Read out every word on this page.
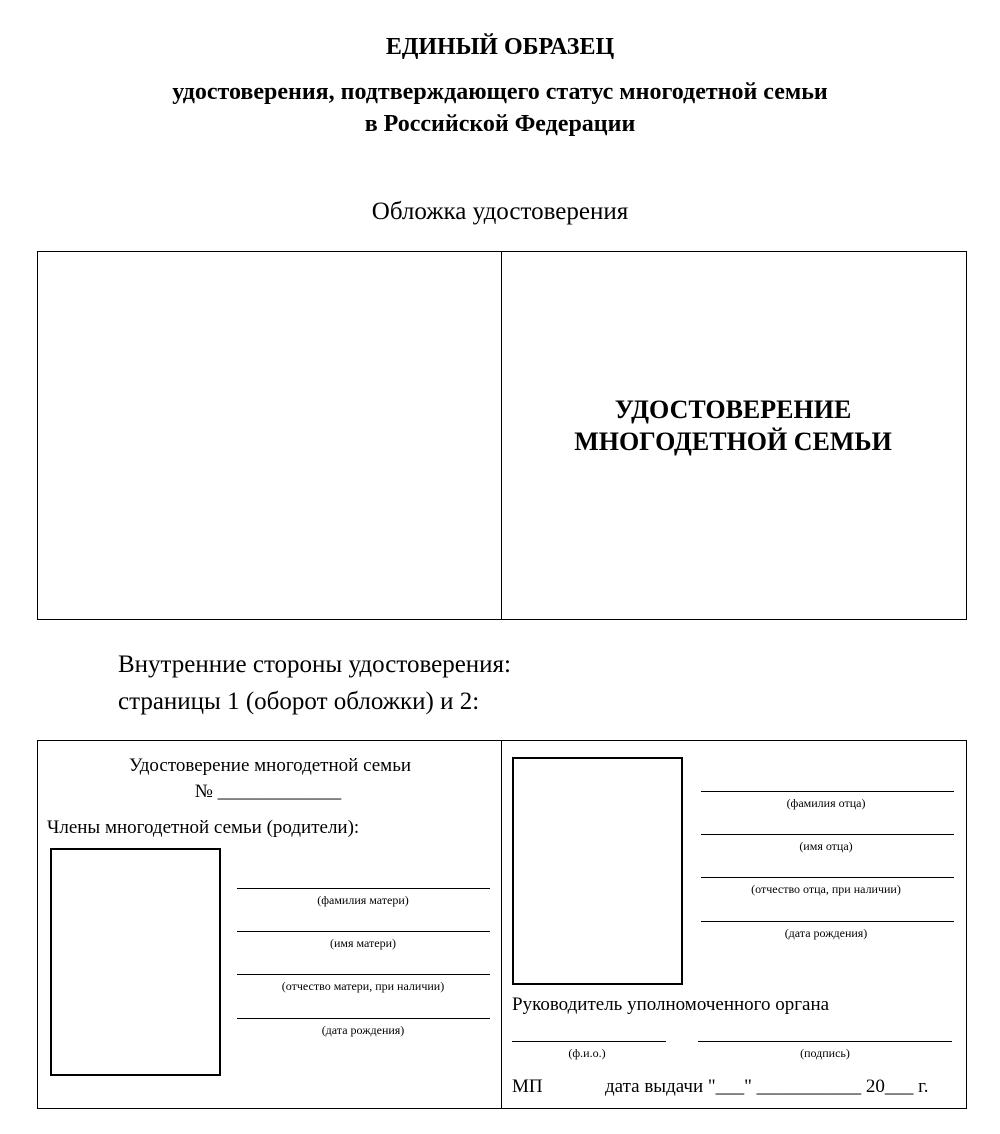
ЕДИНЫЙ ОБРАЗЕЦ
удостоверения, подтверждающего статус многодетной семьи
в Российской Федерации
Обложка удостоверения
УДОСТОВЕРЕНИЕ
МНОГОДЕТНОЙ СЕМЬИ
Внутренние стороны удостоверения:
страницы 1 (оборот обложки) и 2:
Удостоверение многодетной семьи
№ _____________
Члены многодетной семьи (родители):
(фамилия матери)
(имя матери)
(отчество матери, при наличии)
(дата рождения)
(фамилия отца)
(имя отца)
(отчество отца, при наличии)
(дата рождения)
Руководитель уполномоченного органа
(ф.и.о.)	(подпись)
МП	дата выдачи "___" ___________ 20___ г.
